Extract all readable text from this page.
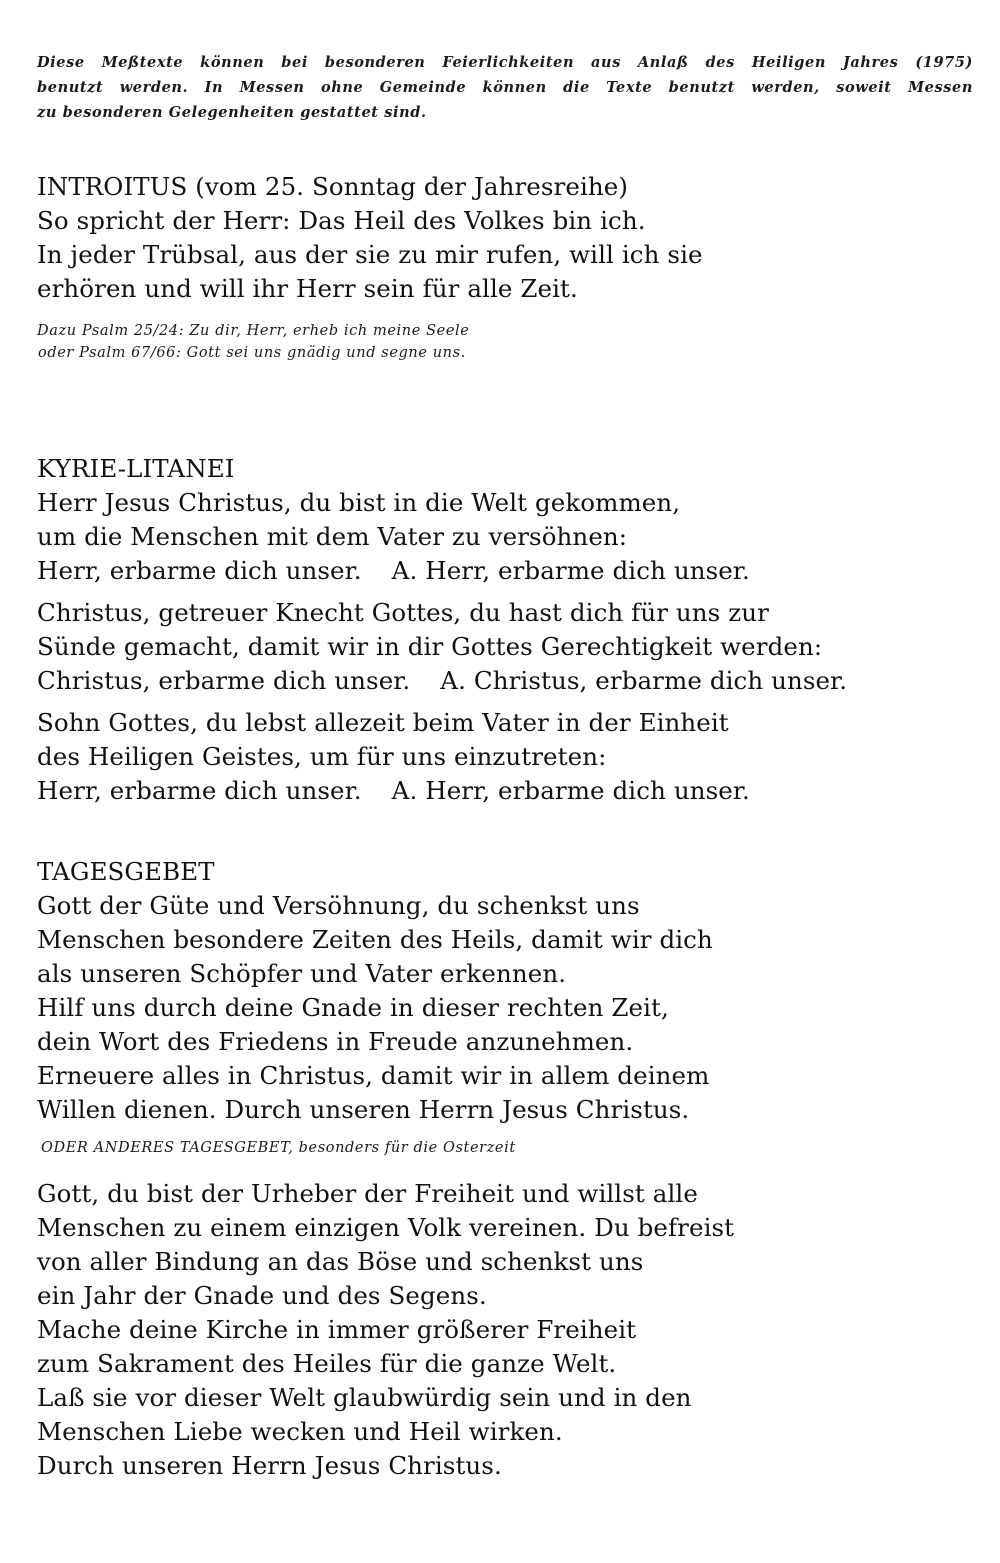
Diese Meßtexte können bei besonderen Feierlichkeiten aus Anlaß des Heiligen Jahres (1975)
benutzt werden. In Messen ohne Gemeinde können die Texte benutzt werden, soweit Messen
zu besonderen Gelegenheiten gestattet sind.
INTROITUS (vom 25. Sonntag der Jahresreihe)
So spricht der Herr: Das Heil des Volkes bin ich.
In jeder Trübsal, aus der sie zu mir rufen, will ich sie
erhören und will ihr Herr sein für alle Zeit.
Dazu Psalm 25/24: Zu dir, Herr, erheb ich meine Seele
oder Psalm 67/66: Gott sei uns gnädig und segne uns.
KYRIE-LITANEI
Herr Jesus Christus, du bist in die Welt gekommen,
um die Menschen mit dem Vater zu versöhnen:
Herr, erbarme dich unser. A. Herr, erbarme dich unser.
Christus, getreuer Knecht Gottes, du hast dich für uns zur
Sünde gemacht, damit wir in dir Gottes Gerechtigkeit werden:
Christus, erbarme dich unser. A. Christus, erbarme dich unser.
Sohn Gottes, du lebst allezeit beim Vater in der Einheit
des Heiligen Geistes, um für uns einzutreten:
Herr, erbarme dich unser. A. Herr, erbarme dich unser.
TAGESGEBET
Gott der Güte und Versöhnung, du schenkst uns
Menschen besondere Zeiten des Heils, damit wir dich
als unseren Schöpfer und Vater erkennen.
Hilf uns durch deine Gnade in dieser rechten Zeit,
dein Wort des Friedens in Freude anzunehmen.
Erneuere alles in Christus, damit wir in allem deinem
Willen dienen. Durch unseren Herrn Jesus Christus.
ODER ANDERES TAGESGEBET, besonders für die Osterzeit
Gott, du bist der Urheber der Freiheit und willst alle
Menschen zu einem einzigen Volk vereinen. Du befreist
von aller Bindung an das Böse und schenkst uns
ein Jahr der Gnade und des Segens.
Mache deine Kirche in immer größerer Freiheit
zum Sakrament des Heiles für die ganze Welt.
Laß sie vor dieser Welt glaubwürdig sein und in den
Menschen Liebe wecken und Heil wirken.
Durch unseren Herrn Jesus Christus.
